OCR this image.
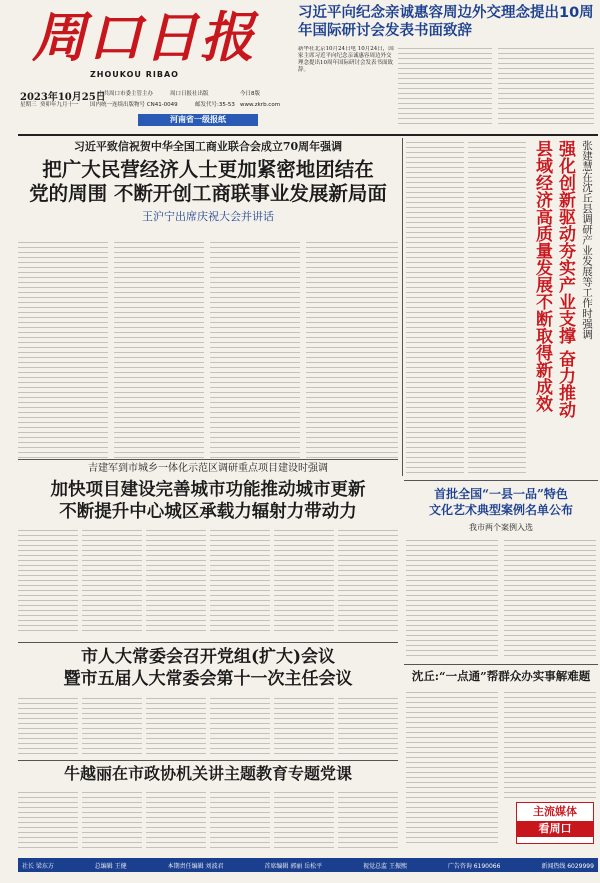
周口日报
ZHOUKOU RIBAO
2023年10月25日
星期三 癸卯年九月十一
中共周口市委主管主办	周口日报社出版	今日8版
国内统一连续出版物号 CN41-0049	邮发代号:35-53 www.zkrb.com
河南省一级报纸
习近平向纪念亲诚惠容周边外交理念提出10周年国际研讨会发表书面致辞
新华社北京10月24日电 10月24日，国家主席习近平向纪念亲诚惠容周边外交理念提出10周年国际研讨会发表书面致辞。
习近平致信祝贺中华全国工商业联合会成立70周年强调
把广大民营经济人士更加紧密地团结在
党的周围 不断开创工商联事业发展新局面
王沪宁出席庆祝大会并讲话	强化创新驱动夯实产业支撑 奋力推动县域经济高质量发展不断取得新成效	张建慧在沈丘县调研产业发展等工作时强调
吉建军到市城乡一体化示范区调研重点项目建设时强调
加快项目建设完善城市功能推动城市更新
不断提升中心城区承载力辐射力带动力
首批全国“一县一品”特色
文化艺术典型案例名单公布
我市两个案例入选
市人大常委会召开党组(扩大)会议
暨市五届人大常委会第十一次主任会议	沈丘:“一点通”帮群众办实事解难题
主流媒体
看周口
牛越丽在市政协机关讲主题教育专题党课
社长 梁东方	总编辑 王健	本期责任编辑 刘波君	首席编辑 郭丽 岳松平	视觉总监 王振熙	广告咨询 6190066	新闻热线 6029999
